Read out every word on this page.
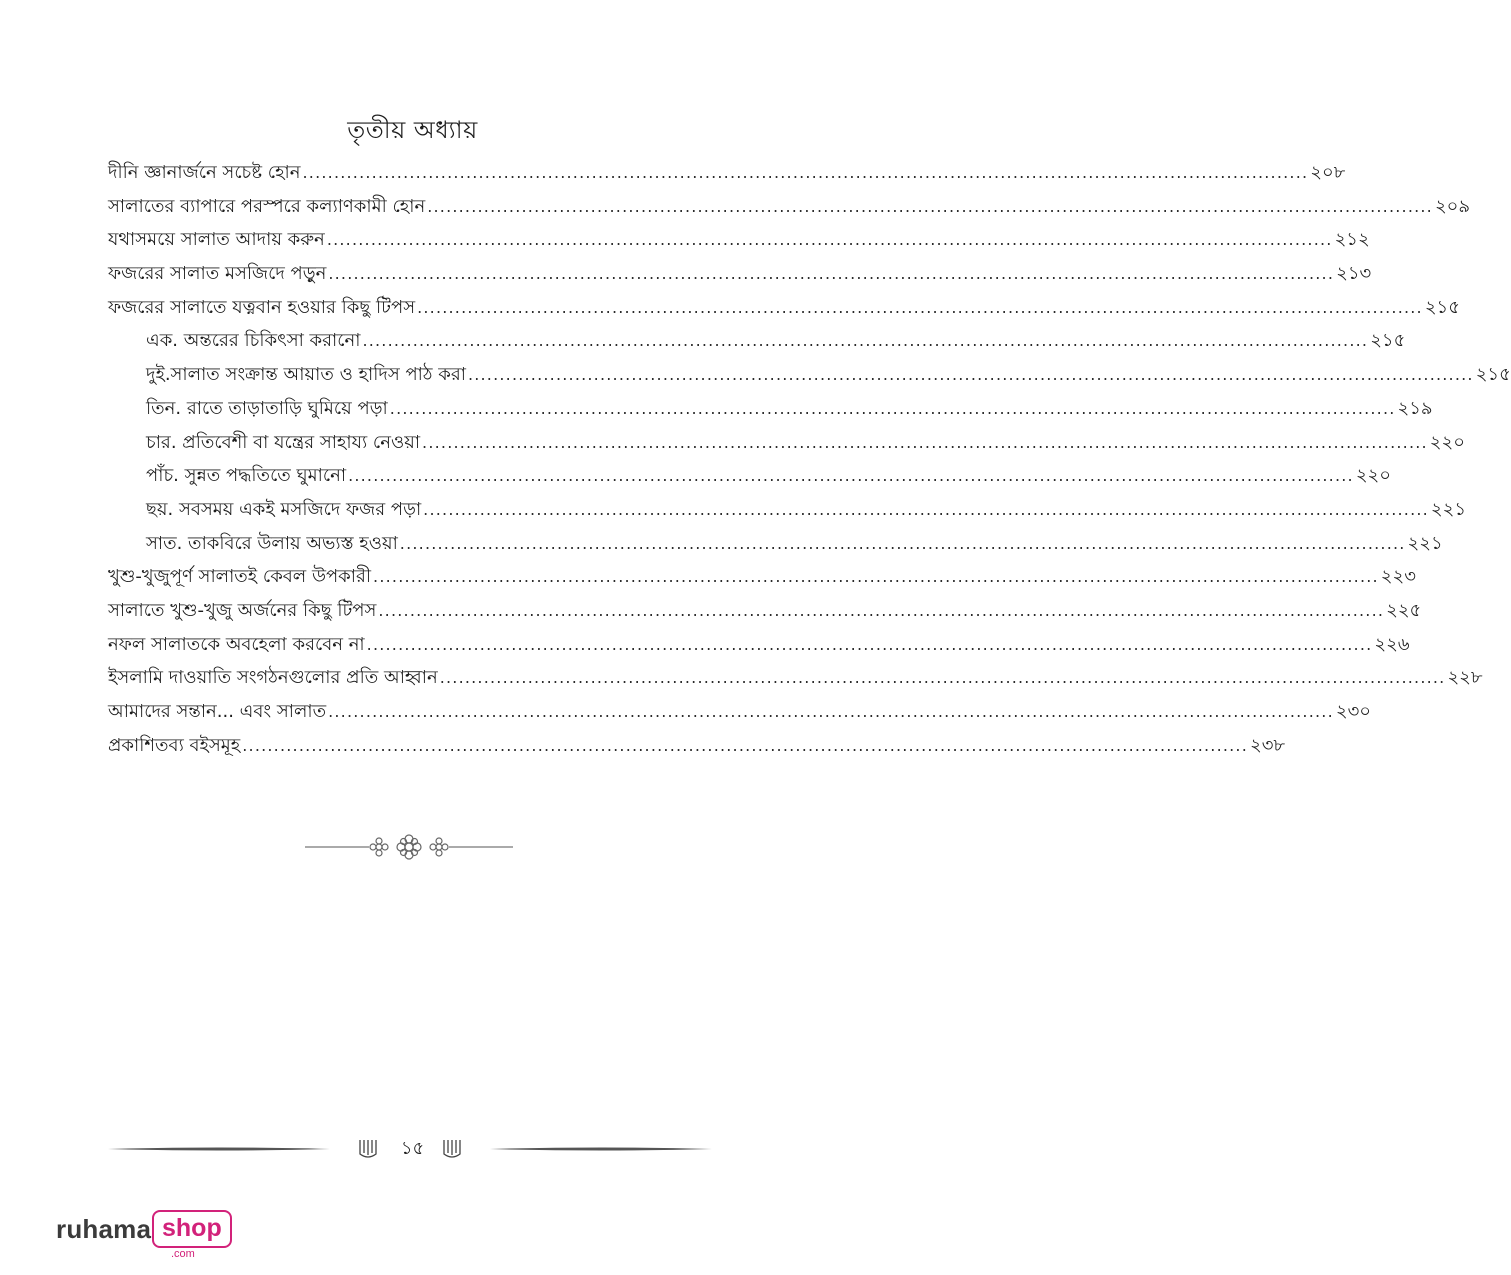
তৃতীয় অধ্যায়
দীনি জ্ঞানার্জনে সচেষ্ট হোন ................................................................................................................................................................ ২০৮
সালাতের ব্যাপারে পরস্পরে কল্যাণকামী হোন ................................................................................................................................................................ ২০৯
যথাসময়ে সালাত আদায় করুন ................................................................................................................................................................ ২১২
ফজরের সালাত মসজিদে পড়ুন ................................................................................................................................................................ ২১৩
ফজরের সালাতে যত্নবান হওয়ার কিছু টিপস ................................................................................................................................................................ ২১৫
এক. অন্তরের চিকিৎসা করানো ................................................................................................................................................................ ২১৫
দুই.সালাত সংক্রান্ত আয়াত ও হাদিস পাঠ করা ................................................................................................................................................................ ২১৫
তিন. রাতে তাড়াতাড়ি ঘুমিয়ে পড়া ................................................................................................................................................................ ২১৯
চার. প্রতিবেশী বা যন্ত্রের সাহায্য নেওয়া ................................................................................................................................................................ ২২০
পাঁচ. সুন্নত পদ্ধতিতে ঘুমানো ................................................................................................................................................................ ২২০
ছয়. সবসময় একই মসজিদে ফজর পড়া ................................................................................................................................................................ ২২১
সাত. তাকবিরে উলায় অভ্যস্ত হওয়া ................................................................................................................................................................ ২২১
খুশু-খুজুপূর্ণ সালাতই কেবল উপকারী ................................................................................................................................................................ ২২৩
সালাতে খুশু-খুজু অর্জনের কিছু টিপস ................................................................................................................................................................ ২২৫
নফল সালাতকে অবহেলা করবেন না ................................................................................................................................................................ ২২৬
ইসলামি দাওয়াতি সংগঠনগুলোর প্রতি আহ্বান ................................................................................................................................................................ ২২৮
আমাদের সন্তান... এবং সালাত ................................................................................................................................................................ ২৩০
প্রকাশিতব্য বইসমূহ ................................................................................................................................................................ ২৩৮
১৫
ruhama shop
.com
